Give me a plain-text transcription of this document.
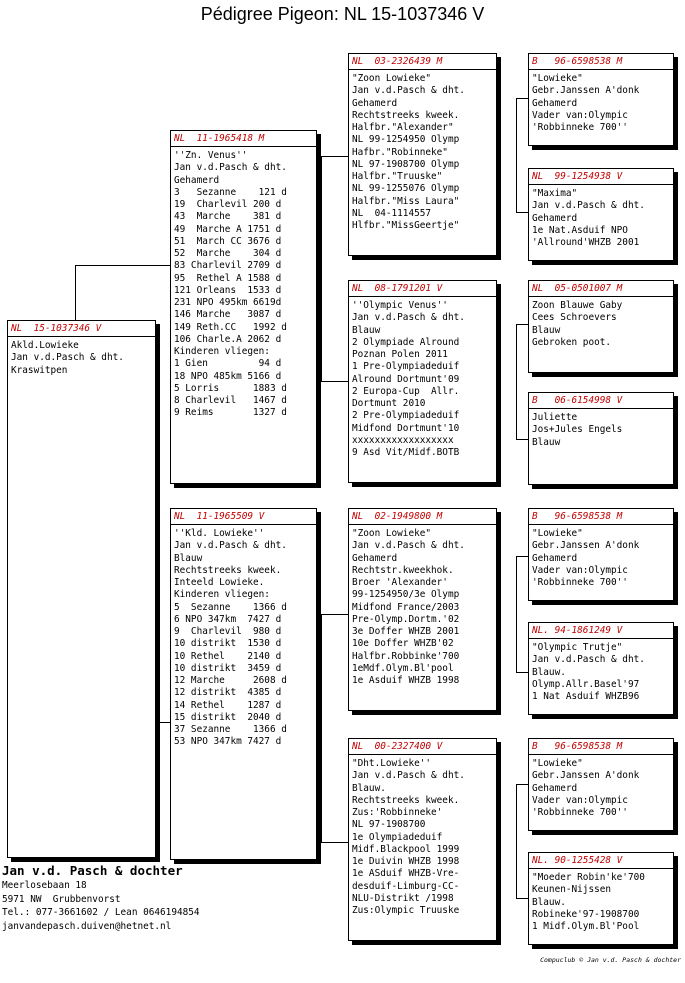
Pédigree Pigeon: NL 15-1037346 V
NL  15-1037346 V
Akld.Lowieke
Jan v.d.Pasch & dht.
Kraswitpen
NL  11-1965418 M
''Zn. Venus''
Jan v.d.Pasch & dht.
Gehamerd
3   Sezanne    121 d
19  Charlevil 200 d
43  Marche    381 d
49  Marche A 1751 d
51  March CC 3676 d
52  Marche    304 d
83 Charlevil 2709 d
95  Rethel A 1588 d
121 Orleans  1533 d
231 NPO 495km 6619d
146 Marche   3087 d
149 Reth.CC   1992 d
106 Charle.A 2062 d
Kinderen vliegen:
1 Gien         94 d
18 NPO 485km 5166 d
5 Lorris      1883 d
8 Charlevil   1467 d
9 Reims       1327 d
NL  11-1965509 V
''Kld. Lowieke''
Jan v.d.Pasch & dht.
Blauw
Rechtstreeks kweek.
Inteeld Lowieke.
Kinderen vliegen:
5  Sezanne    1366 d
6 NPO 347km  7427 d
9  Charlevil  980 d
10 distrikt  1530 d
10 Rethel    2140 d
10 distrikt  3459 d
12 Marche     2608 d
12 distrikt  4385 d
14 Rethel    1287 d
15 distrikt  2040 d
37 Sezanne    1366 d
53 NPO 347km 7427 d
NL  03-2326439 M
"Zoon Lowieke"
Jan v.d.Pasch & dht.
Gehamerd
Rechtstreeks kweek.
Halfbr."Alexander"
NL 99-1254950 Olymp
Hafbr."Robinneke"
NL 97-1908700 Olymp
Halfbr."Truuske"
NL 99-1255076 Olymp
Halfbr."Miss Laura"
NL  04-1114557
Hlfbr."MissGeertje"
NL  08-1791201 V
''Olympic Venus''
Jan v.d.Pasch & dht.
Blauw
2 Olympiade Alround
Poznan Polen 2011
1 Pre-Olympiadeduif
Alround Dortmunt'09
2 Europa-Cup  Allr.
Dortmunt 2010
2 Pre-Olympiadeduif
Midfond Dortmunt'10
xxxxxxxxxxxxxxxxxx
9 Asd Vit/Midf.BOTB
NL  02-1949800 M
"Zoon Lowieke"
Jan v.d.Pasch & dht.
Gehamerd
Rechtstr.kweekhok.
Broer 'Alexander'
99-1254950/3e Olymp
Midfond France/2003
Pre-Olymp.Dortm.'02
3e Doffer WHZB 2001
10e Doffer WHZB'02
Halfbr.Robbinke'700
1eMdf.Olym.Bl'pool
1e Asduif WHZB 1998
NL  00-2327400 V
"Dht.Lowieke''
Jan v.d.Pasch & dht.
Blauw.
Rechtstreeks kweek.
Zus:'Robbinneke'
NL 97-1908700
1e Olympiadeduif
Midf.Blackpool 1999
1e Duivin WHZB 1998
1e ASduif WHZB-Vre-
desduif-Limburg-CC-
NLU-Distrikt /1998
Zus:Olympic Truuske
B   96-6598538 M
"Lowieke"
Gebr.Janssen A'donk
Gehamerd
Vader van:Olympic
'Robbinneke 700''
NL  99-1254938 V
"Maxima"
Jan v.d.Pasch & dht.
Gehamerd
1e Nat.Asduif NPO
'Allround'WHZB 2001
NL  05-0501007 M
Zoon Blauwe Gaby
Cees Schroevers
Blauw
Gebroken poot.
B   06-6154998 V
Juliette
Jos+Jules Engels
Blauw
B   96-6598538 M
"Lowieke"
Gebr.Janssen A'donk
Gehamerd
Vader van:Olympic
'Robbinneke 700''
NL. 94-1861249 V
"Olympic Trutje"
Jan v.d.Pasch & dht.
Blauw.
Olymp.Allr.Basel'97
1 Nat Asduif WHZB96
B   96-6598538 M
"Lowieke"
Gebr.Janssen A'donk
Gehamerd
Vader van:Olympic
'Robbinneke 700''
NL. 90-1255428 V
"Moeder Robin'ke'700
Keunen-Nijssen
Blauw.
Robineke'97-1908700
1 Midf.Olym.Bl'Pool
Jan v.d. Pasch & dochter
Meerlosebaan 18
5971 NW  Grubbenvorst
Tel.: 077-3661602 / Lean 0646194854
janvandepasch.duiven@hetnet.nl
Compuclub © Jan v.d. Pasch & dochter
